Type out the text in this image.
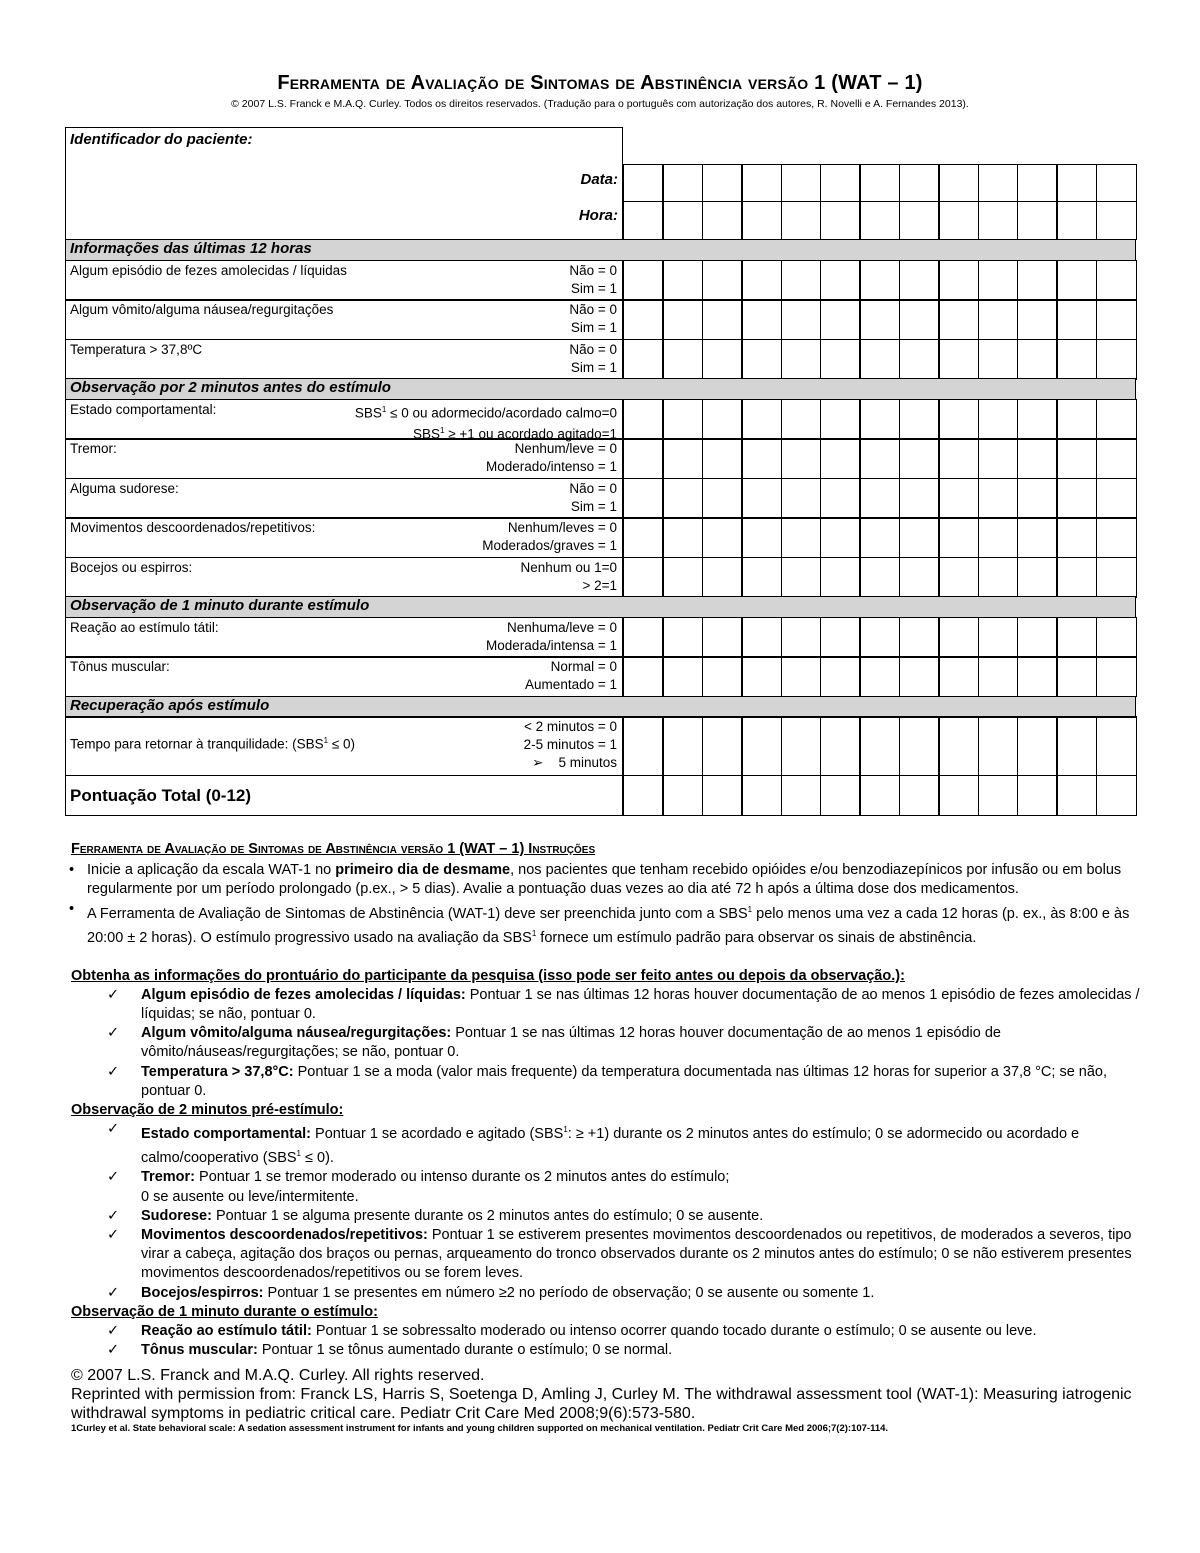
Ferramenta de Avaliação de Sintomas de Abstinência versão 1 (WAT – 1)
© 2007 L.S. Franck e M.A.Q. Curley. Todos os direitos reservados. (Tradução para o português com autorização dos autores, R. Novelli e A. Fernandes 2013).
Identificador do paciente:
Data:
Hora:
Informações das últimas 12 horas
Algum episódio de fezes amolecidas / líquidas	Não = 0
Sim = 1
Algum vômito/alguma náusea/regurgitações	Não = 0
Sim = 1
Temperatura > 37,8ºC	Não = 0
Sim = 1
Observação por 2 minutos antes do estímulo
Estado comportamental:	$SBS^1 \le 0$ ou adormecido/acordado calmo=0
$SBS^1 \ge +1$ ou acordado agitado=1
Tremor:	Nenhum/leve = 0
Moderado/intenso = 1
Alguma sudorese:	Não = 0
Sim = 1
Movimentos descoordenados/repetitivos:	Nenhum/leves = 0
Moderados/graves = 1
Bocejos ou espirros:	Nenhum ou 1=0
> 2=1
Observação de 1 minuto durante estímulo
Reação ao estímulo tátil:	Nenhuma/leve = 0
Moderada/intensa = 1
Tônus muscular:	Normal = 0
Aumentado = 1
Recuperação após estímulo
Tempo para retornar à tranquilidade: $(SBS^1 \le 0)$
< 2 minutos = 0
2-5 minutos = 1
➢    5 minutos
Pontuação Total (0-12)
Ferramenta de Avaliação de Sintomas de Abstinência versão 1 (WAT – 1) Instruções
• Inicie a aplicação da escala WAT-1 no primeiro dia de desmame, nos pacientes que tenham recebido opióides e/ou benzodiazepínicos por infusão ou em bolus regularmente por um período prolongado (p.ex., > 5 dias). Avalie a pontuação duas vezes ao dia até 72 h após a última dose dos medicamentos.
• A Ferramenta de Avaliação de Sintomas de Abstinência (WAT-1) deve ser preenchida junto com a SBS$^1$ pelo menos uma vez a cada 12 horas (p. ex., às 8:00 e às 20:00 ± 2 horas). O estímulo progressivo usado na avaliação da SBS$^1$ fornece um estímulo padrão para observar os sinais de abstinência.
Obtenha as informações do prontuário do participante da pesquisa (isso pode ser feito antes ou depois da observação.):
✓ Algum episódio de fezes amolecidas / líquidas: Pontuar 1 se nas últimas 12 horas houver documentação de ao menos 1 episódio de fezes amolecidas / líquidas; se não, pontuar 0.
✓ Algum vômito/alguma náusea/regurgitações: Pontuar 1 se nas últimas 12 horas houver documentação de ao menos 1 episódio de vômito/náuseas/regurgitações; se não, pontuar 0.
✓ Temperatura > 37,8°C: Pontuar 1 se a moda (valor mais frequente) da temperatura documentada nas últimas 12 horas for superior a 37,8 °C; se não, pontuar 0.
Observação de 2 minutos pré-estímulo:
✓ Estado comportamental: Pontuar 1 se acordado e agitado ($SBS^1$: ≥ +1) durante os 2 minutos antes do estímulo; 0 se adormecido ou acordado e calmo/cooperativo $(SBS^1 \le 0)$.
✓ Tremor: Pontuar 1 se tremor moderado ou intenso durante os 2 minutos antes do estímulo;
0 se ausente ou leve/intermitente.
✓ Sudorese: Pontuar 1 se alguma presente durante os 2 minutos antes do estímulo; 0 se ausente.
✓ Movimentos descoordenados/repetitivos: Pontuar 1 se estiverem presentes movimentos descoordenados ou repetitivos, de moderados a severos, tipo virar a cabeça, agitação dos braços ou pernas, arqueamento do tronco observados durante os 2 minutos antes do estímulo; 0 se não estiverem presentes movimentos descoordenados/repetitivos ou se forem leves.
✓ Bocejos/espirros: Pontuar 1 se presentes em número ≥2 no período de observação; 0 se ausente ou somente 1.
Observação de 1 minuto durante o estímulo:
✓ Reação ao estímulo tátil: Pontuar 1 se sobressalto moderado ou intenso ocorrer quando tocado durante o estímulo; 0 se ausente ou leve.
✓ Tônus muscular: Pontuar 1 se tônus aumentado durante o estímulo; 0 se normal.
© 2007 L.S. Franck and M.A.Q. Curley. All rights reserved.
Reprinted with permission from: Franck LS, Harris S, Soetenga D, Amling J, Curley M. The withdrawal assessment tool (WAT-1): Measuring iatrogenic withdrawal symptoms in pediatric critical care. Pediatr Crit Care Med 2008;9(6):573-580.
1Curley et al. State behavioral scale: A sedation assessment instrument for infants and young children supported on mechanical ventilation. Pediatr Crit Care Med 2006;7(2):107-114.
